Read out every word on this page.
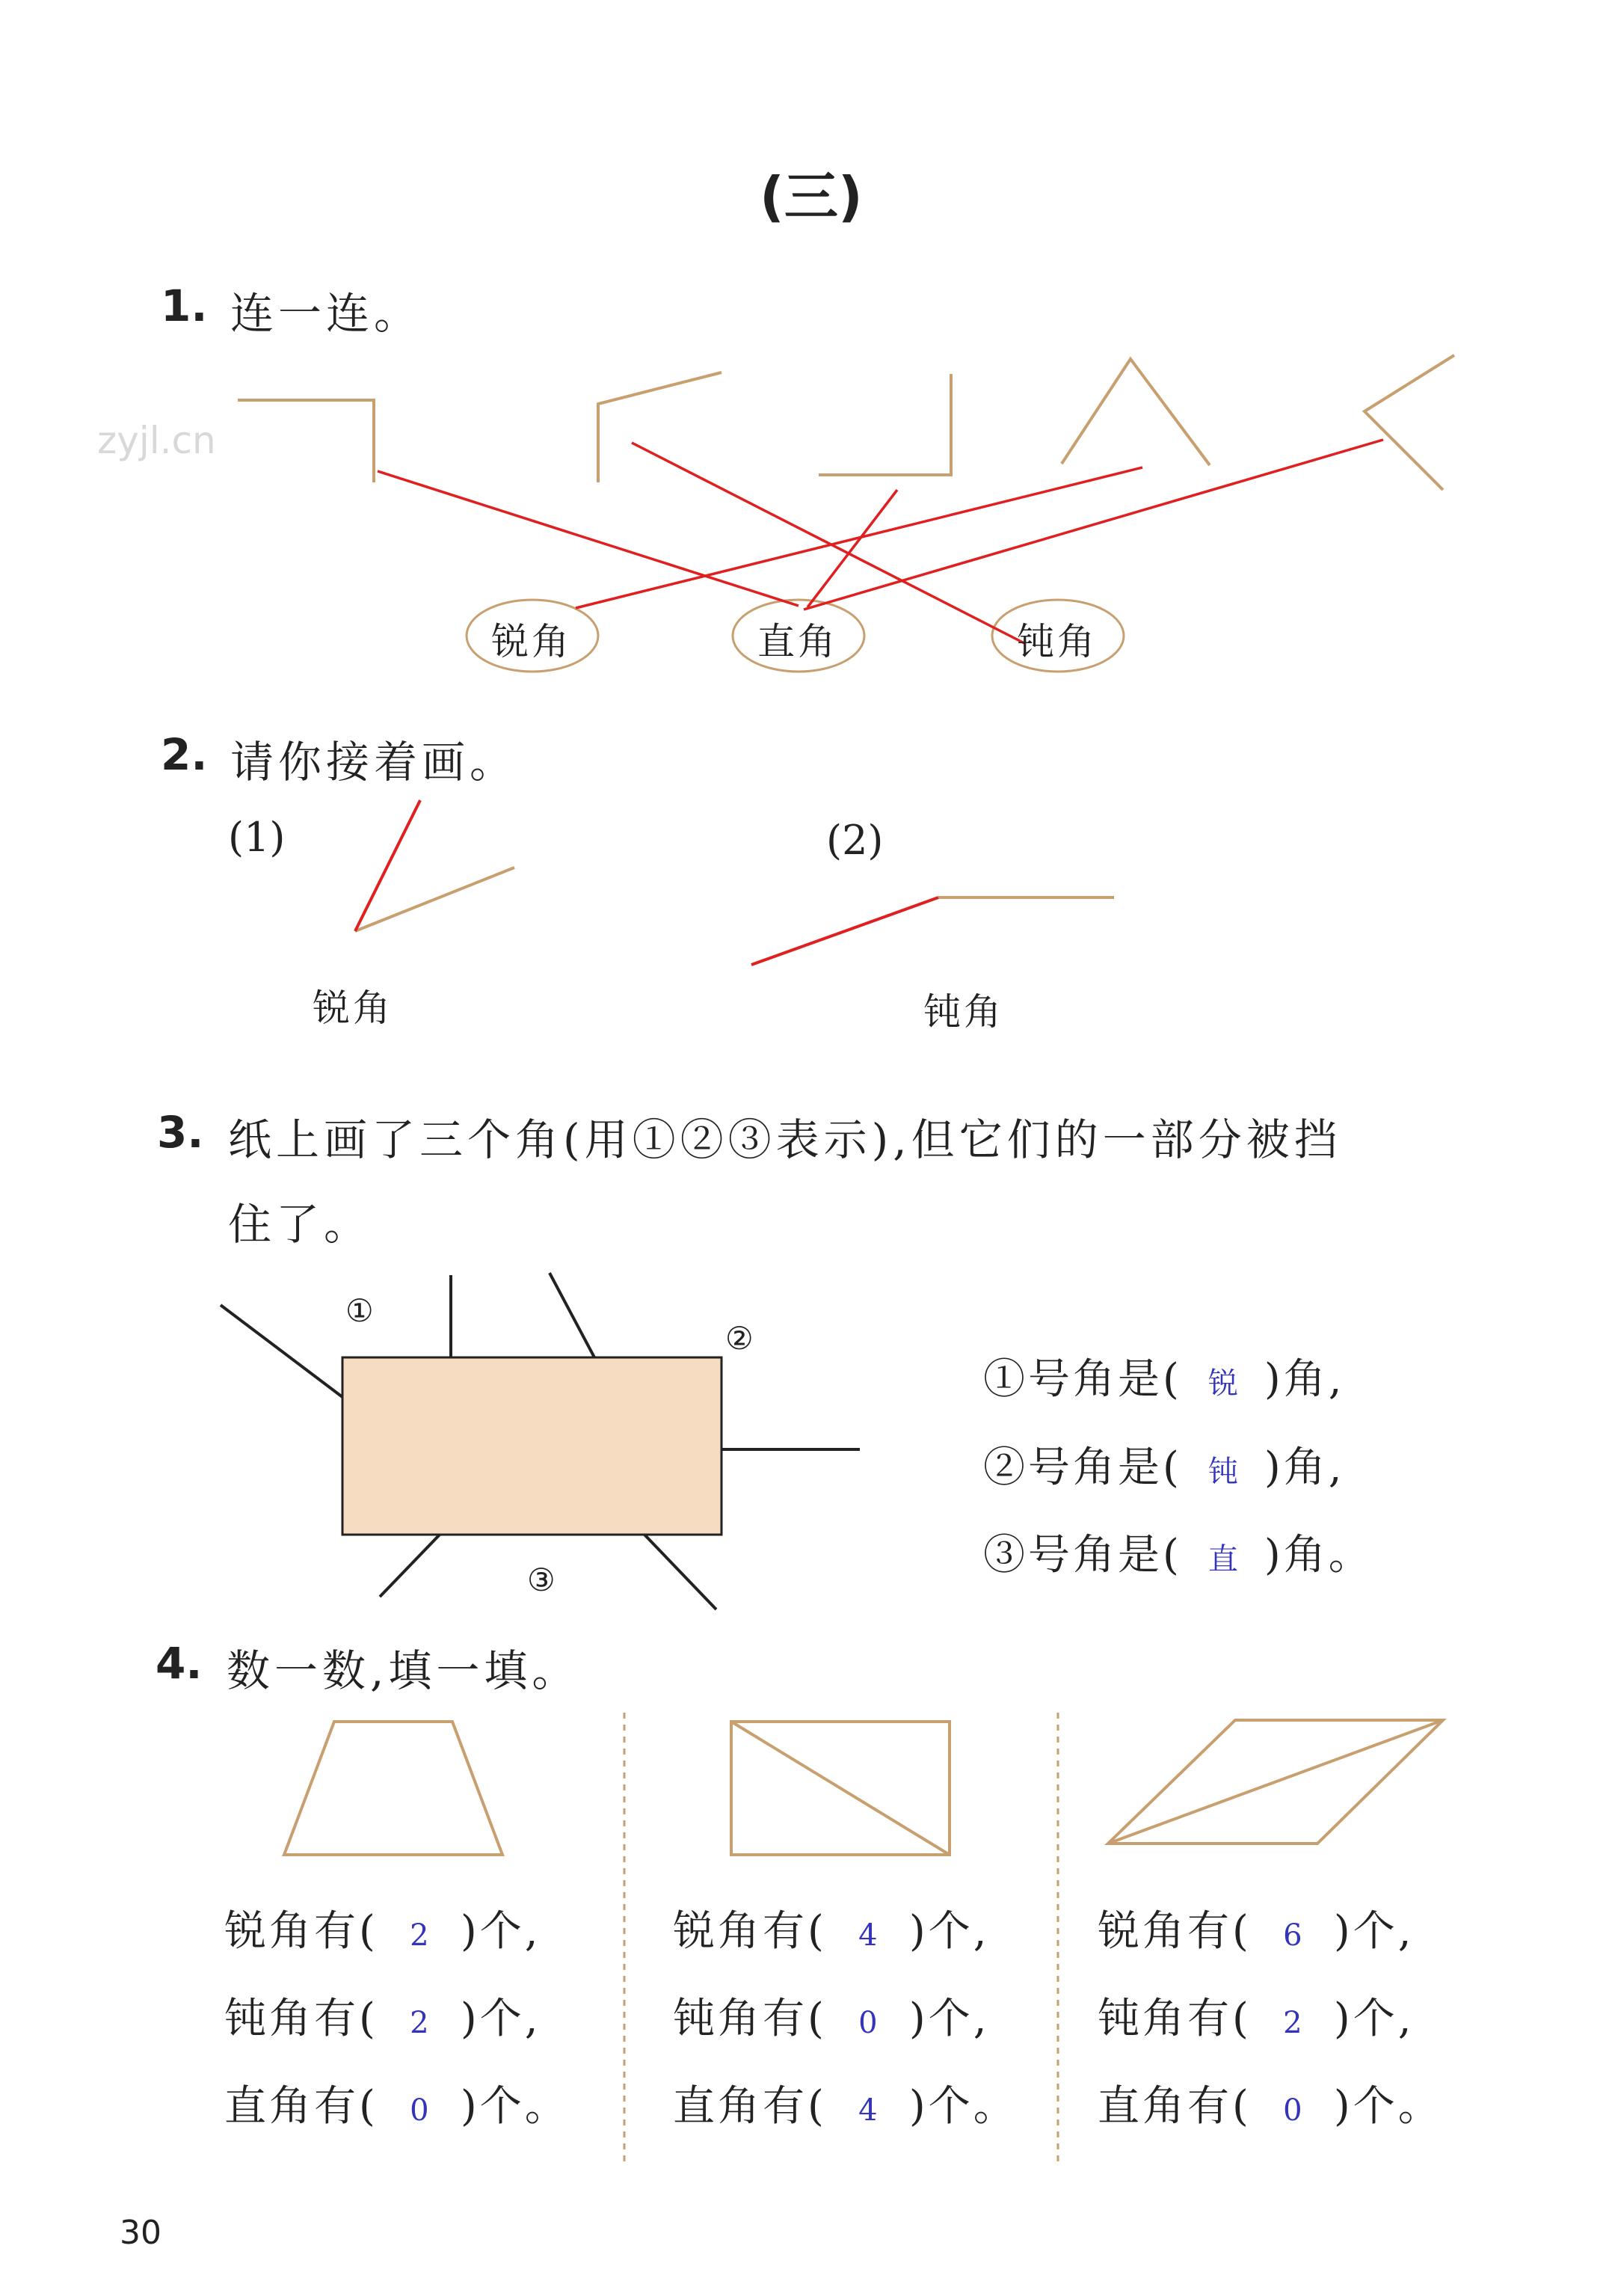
zyjl.cn
(三)
1. 连一连。
锐角	直角	钝角
2. 请你接着画。
(1)	(2)
锐角	钝角
3. 纸上画了三个角(用①②③表示),但它们的一部分被挡
住了。
①
②
③
①号角是( 锐 )角,
②号角是( 钝 )角,
③号角是( 直 )角。
4. 数一数,填一填。
锐角有( 2 )个,
钝角有( 2 )个,
直角有( 0 )个。
锐角有( 4 )个,
钝角有( 0 )个,
直角有( 4 )个。
锐角有( 6 )个,
钝角有( 2 )个,
直角有( 0 )个。
30
